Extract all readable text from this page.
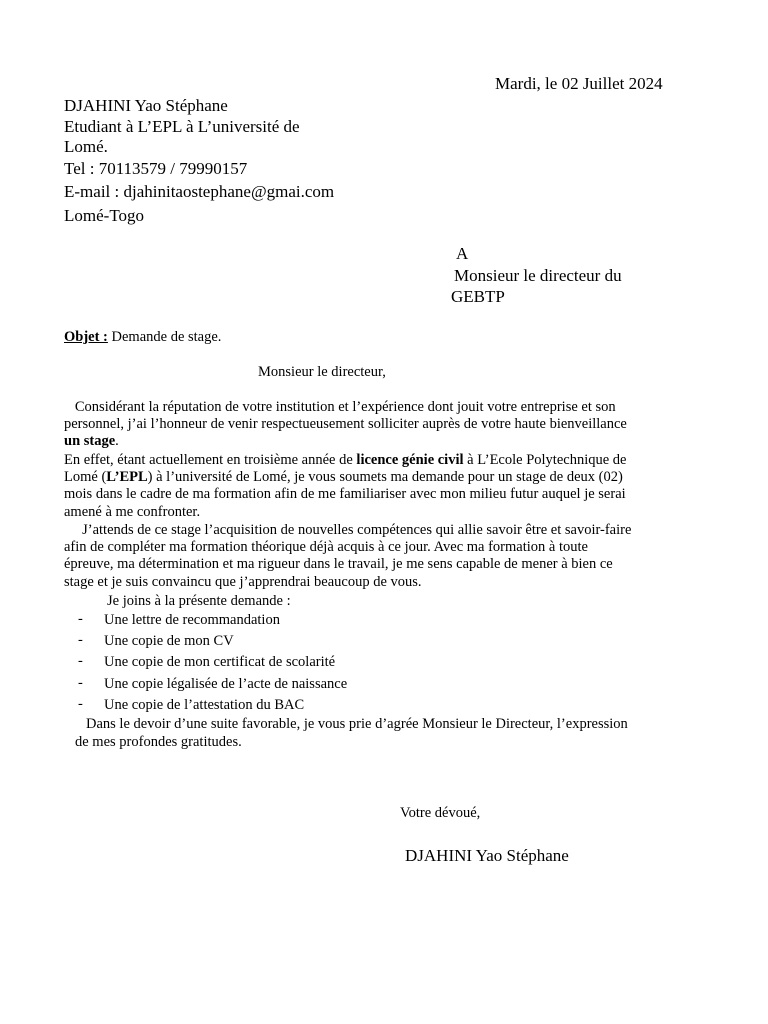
Mardi, le 02 Juillet 2024
DJAHINI Yao Stéphane
Etudiant à L’EPL à L’université de
Lomé.
Tel : 70113579 / 79990157
E-mail : djahinitaostephane@gmai.com
Lomé-Togo
A
Monsieur le directeur du
GEBTP
Objet : Demande de stage.
Monsieur le directeur,
Considérant la réputation de votre institution et l’expérience dont jouit votre entreprise et son
personnel, j’ai l’honneur de venir respectueusement solliciter auprès de votre haute bienveillance
un stage.
En effet, étant actuellement en troisième année de licence génie civil à L’Ecole Polytechnique de
Lomé (L’EPL) à l’université de Lomé, je vous soumets ma demande pour un stage de deux (02)
mois dans le cadre de ma formation afin de me familiariser avec mon milieu futur auquel je serai
amené à me confronter.
J’attends de ce stage l’acquisition de nouvelles compétences qui allie savoir être et savoir-faire
afin de compléter ma formation théorique déjà acquis à ce jour. Avec ma formation à toute
épreuve, ma détermination et ma rigueur dans le travail, je me sens capable de mener à bien ce
stage et je suis convaincu que j’apprendrai beaucoup de vous.
Je joins à la présente demande :
- Une lettre de recommandation
- Une copie de mon CV
- Une copie de mon certificat de scolarité
- Une copie légalisée de l’acte de naissance
- Une copie de l’attestation du BAC
Dans le devoir d’une suite favorable, je vous prie d’agrée Monsieur le Directeur, l’expression
de mes profondes gratitudes.
Votre dévoué,
DJAHINI Yao Stéphane
